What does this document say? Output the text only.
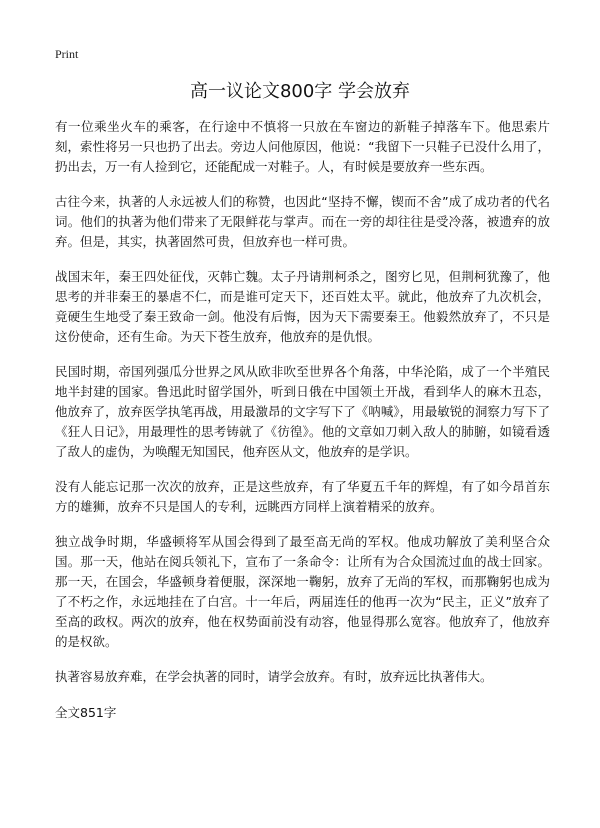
Print
高一议论文800字 学会放弃

有一位乘坐火车的乘客，在行途中不慎将一只放在车窗边的新鞋子掉落车下。他思索片刻，索性将另一只也扔了出去。旁边人问他原因，他说：“我留下一只鞋子已没什么用了，扔出去，万一有人捡到它，还能配成一对鞋子。人，有时候是要放弃一些东西。

古往今来，执著的人永远被人们的称赞，也因此“坚持不懈，锲而不舍”成了成功者的代名词。他们的执著为他们带来了无限鲜花与掌声。而在一旁的却往往是受冷落，被遗弃的放弃。但是，其实，执著固然可贵，但放弃也一样可贵。

战国末年，秦王四处征伐，灭韩亡魏。太子丹请荆柯杀之，图穷匕见，但荆柯犹豫了，他思考的并非秦王的暴虐不仁，而是谁可定天下，还百姓太平。就此，他放弃了九次机会，竟硬生生地受了秦王致命一剑。他没有后悔，因为天下需要秦王。他毅然放弃了，不只是这份使命，还有生命。为天下苍生放弃，他放弃的是仇恨。

民国时期，帝国列强瓜分世界之风从欧非吹至世界各个角落，中华沦陷，成了一个半殖民地半封建的国家。鲁迅此时留学国外，听到日俄在中国领土开战，看到华人的麻木丑态，他放弃了，放弃医学执笔再战，用最激昂的文字写下了《呐喊》，用最敏锐的洞察力写下了《狂人日记》，用最理性的思考铸就了《彷徨》。他的文章如刀刺入敌人的肺腑，如镜看透了敌人的虚伪，为唤醒无知国民，他弃医从文，他放弃的是学识。

没有人能忘记那一次次的放弃，正是这些放弃，有了华夏五千年的辉煌，有了如今昂首东方的雄狮，放弃不只是国人的专利，远眺西方同样上演着精采的放弃。

独立战争时期，华盛顿将军从国会得到了最至高无尚的军权。他成功解放了美利坚合众国。那一天，他站在阅兵领礼下，宣布了一条命令：让所有为合众国流过血的战士回家。那一天，在国会，华盛顿身着便服，深深地一鞠躬，放弃了无尚的军权，而那鞠躬也成为了不朽之作，永远地挂在了白宫。十一年后，两届连任的他再一次为“民主，正义”放弃了至高的政权。两次的放弃，他在权势面前没有动容，他显得那么宽容。他放弃了，他放弃的是权欲。

执著容易放弃难，在学会执著的同时，请学会放弃。有时，放弃远比执著伟大。

全文851字
